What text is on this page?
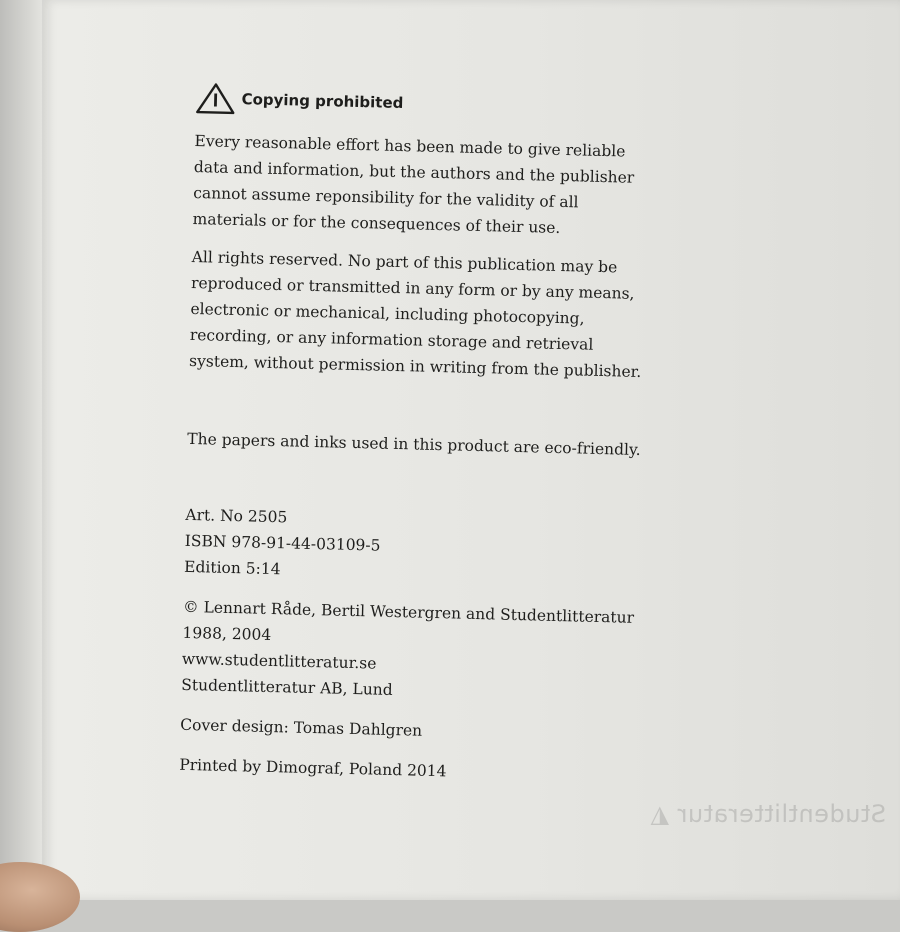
Studentlitteratur ◭
Copying prohibited

Every reasonable effort has been made to give reliable
data and information, but the authors and the publisher
cannot assume reponsibility for the validity of all
materials or for the consequences of their use.

All rights reserved. No part of this publication may be
reproduced or transmitted in any form or by any means,
electronic or mechanical, including photocopying,
recording, or any information storage and retrieval
system, without permission in writing from the publisher.

The papers and inks used in this product are eco-friendly.

Art. No 2505
ISBN 978-91-44-03109-5
Edition 5:14
© Lennart Råde, Bertil Westergren and Studentlitteratur
1988, 2004
www.studentlitteratur.se
Studentlitteratur AB, Lund
Cover design: Tomas Dahlgren
Printed by Dimograf, Poland 2014
